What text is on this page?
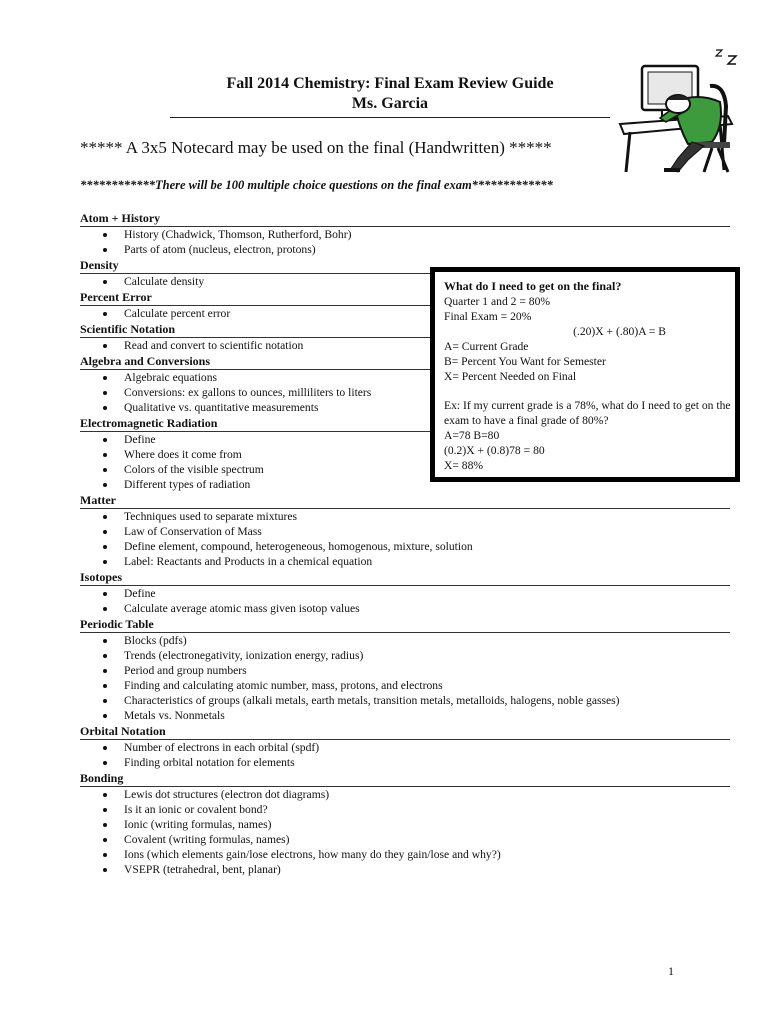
Fall 2014 Chemistry: Final Exam Review Guide
Ms. Garcia
***** A 3x5 Notecard may be used on the final (Handwritten) *****
************There will be 100 multiple choice questions on the final exam*************
Atom + History
History (Chadwick, Thomson, Rutherford, Bohr)
Parts of atom (nucleus, electron, protons)
Density
Calculate density
Percent Error
Calculate percent error
Scientific Notation
Read and convert to scientific notation
Algebra and Conversions
Algebraic equations
Conversions: ex gallons to ounces, milliliters to liters
Qualitative vs. quantitative measurements
Electromagnetic Radiation
Define
Where does it come from
Colors of the visible spectrum
Different types of radiation
Matter
Techniques used to separate mixtures
Law of Conservation of Mass
Define element, compound, heterogeneous, homogenous, mixture, solution
Label: Reactants and Products in a chemical equation
Isotopes
Define
Calculate average atomic mass given isotop values
Periodic Table
Blocks (pdfs)
Trends (electronegativity, ionization energy, radius)
Period and group numbers
Finding and calculating atomic number, mass, protons, and electrons
Characteristics of groups (alkali metals, earth metals, transition metals, metalloids, halogens, noble gasses)
Metals vs. Nonmetals
Orbital Notation
Number of electrons in each orbital (spdf)
Finding orbital notation for elements
Bonding
Lewis dot structures (electron dot diagrams)
Is it an ionic or covalent bond?
Ionic (writing formulas, names)
Covalent (writing formulas, names)
Ions (which elements gain/lose electrons, how many do they gain/lose and why?)
VSEPR (tetrahedral, bent, planar)
What do I need to get on the final?
Quarter 1 and 2 = 80%
Final Exam = 20%
(.20)X + (.80)A = B
A= Current Grade
B= Percent You Want for Semester
X= Percent Needed on Final
Ex: If my current grade is a 78%, what do I need to get on the exam to have a final grade of 80%?
A=78 B=80
(0.2)X + (0.8)78 = 80
X= 88%
1
